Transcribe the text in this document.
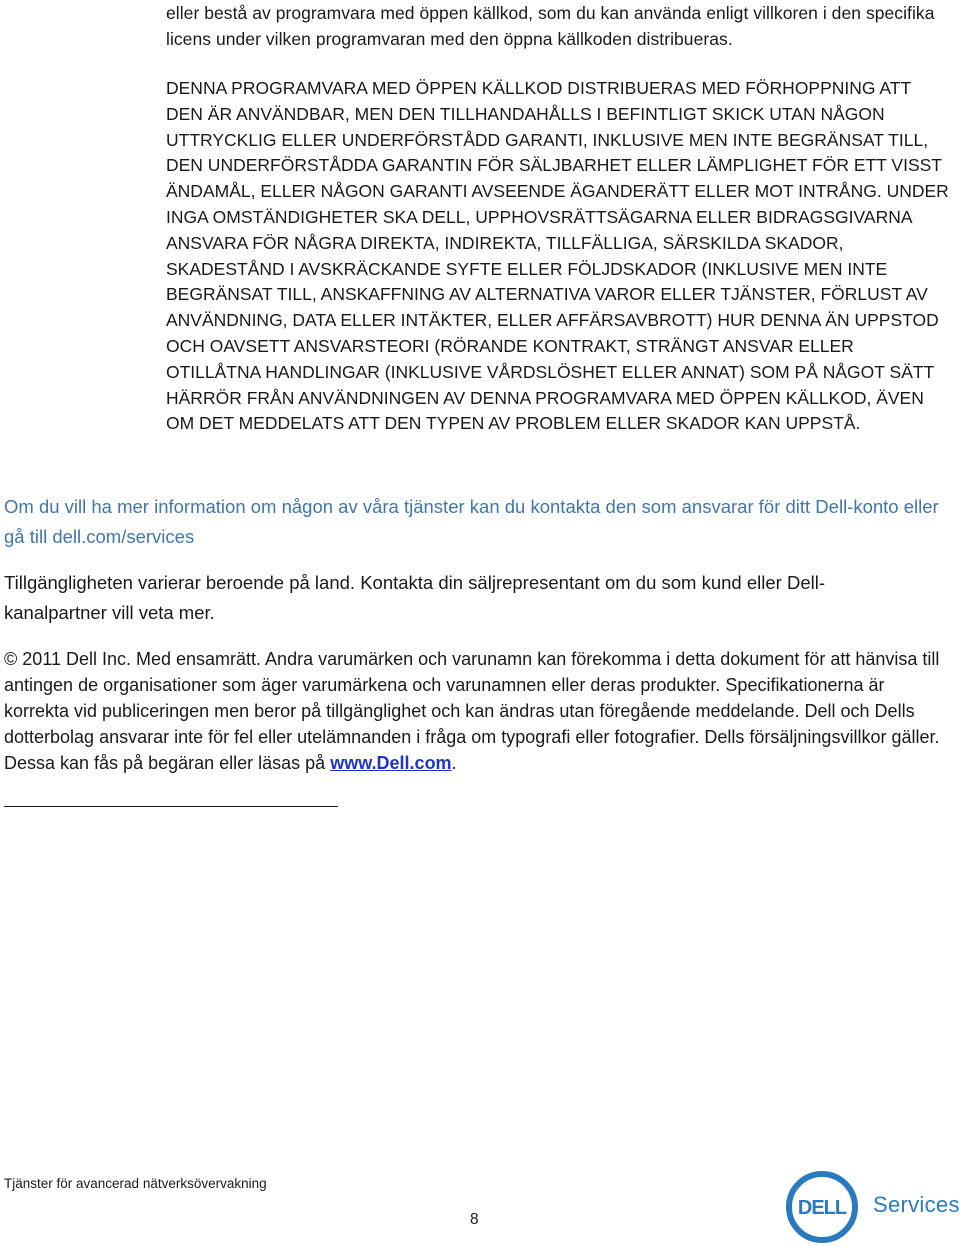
eller bestå av programvara med öppen källkod, som du kan använda enligt villkoren i den specifika licens under vilken programvaran med den öppna källkoden distribueras.

DENNA PROGRAMVARA MED ÖPPEN KÄLLKOD DISTRIBUERAS MED FÖRHOPPNING ATT DEN ÄR ANVÄNDBAR, MEN DEN TILLHANDAHÅLLS I BEFINTLIGT SKICK UTAN NÅGON UTTRYCKLIG ELLER UNDERFÖRSTÅDD GARANTI, INKLUSIVE MEN INTE BEGRÄNSAT TILL, DEN UNDERFÖRSTÅDDA GARANTIN FÖR SÄLJBARHET ELLER LÄMPLIGHET FÖR ETT VISST ÄNDAMÅL, ELLER NÅGON GARANTI AVSEENDE ÄGANDERÄTT ELLER MOT INTRÅNG. UNDER INGA OMSTÄNDIGHETER SKA DELL, UPPHOVSRÄTTSÄGARNA ELLER BIDRAGSGIVARNA ANSVARA FÖR NÅGRA DIREKTA, INDIREKTA, TILLFÄLLIGA, SÄRSKILDA SKADOR, SKADESTÅND I AVSKRÄCKANDE SYFTE ELLER FÖLJDSKADOR (INKLUSIVE MEN INTE BEGRÄNSAT TILL, ANSKAFFNING AV ALTERNATIVA VAROR ELLER TJÄNSTER, FÖRLUST AV ANVÄNDNING, DATA ELLER INTÄKTER, ELLER AFFÄRSAVBROTT) HUR DENNA ÄN UPPSTOD OCH OAVSETT ANSVARSTEORI (RÖRANDE KONTRAKT, STRÄNGT ANSVAR ELLER OTILLÅTNA HANDLINGAR (INKLUSIVE VÅRDSLÖSHET ELLER ANNAT) SOM PÅ NÅGOT SÄTT HÄRRÖR FRÅN ANVÄNDNINGEN AV DENNA PROGRAMVARA MED ÖPPEN KÄLLKOD, ÄVEN OM DET MEDDELATS ATT DEN TYPEN AV PROBLEM ELLER SKADOR KAN UPPSTÅ.

Om du vill ha mer information om någon av våra tjänster kan du kontakta den som ansvarar för ditt Dell-konto eller gå till dell.com/services

Tillgängligheten varierar beroende på land. Kontakta din säljrepresentant om du som kund eller Dell-kanalpartner vill veta mer.

© 2011 Dell Inc. Med ensamrätt. Andra varumärken och varunamn kan förekomma i detta dokument för att hänvisa till antingen de organisationer som äger varumärkena och varunamnen eller deras produkter. Specifikationerna är korrekta vid publiceringen men beror på tillgänglighet och kan ändras utan föregående meddelande. Dell och Dells dotterbolag ansvarar inte för fel eller utelämnanden i fråga om typografi eller fotografier. Dells försäljningsvillkor gäller. Dessa kan fås på begäran eller läsas på www.Dell.com.

Tjänster för avancerad nätverksövervakning

8

DELL Services
